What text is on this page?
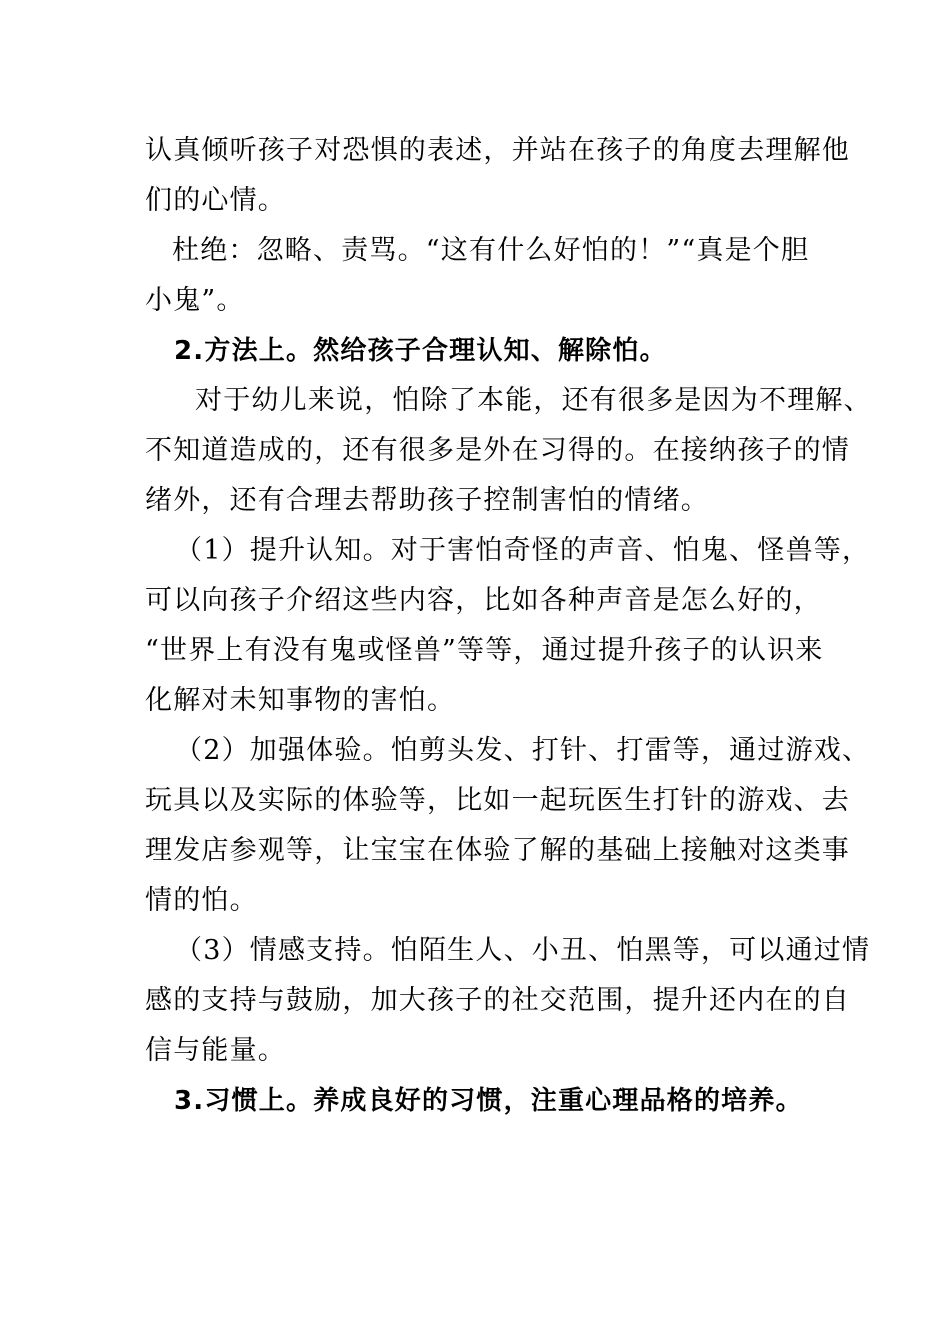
认真倾听孩子对恐惧的表述，并站在孩子的角度去理解他
们的心情。
杜绝：忽略、责骂。“这有什么好怕的！”“真是个胆
小鬼”。
2.方法上。然给孩子合理认知、解除怕。
对于幼儿来说，怕除了本能，还有很多是因为不理解、
不知道造成的，还有很多是外在习得的。在接纳孩子的情
绪外，还有合理去帮助孩子控制害怕的情绪。
（1）提升认知。对于害怕奇怪的声音、怕鬼、怪兽等，
可以向孩子介绍这些内容，比如各种声音是怎么好的，
“世界上有没有鬼或怪兽”等等，通过提升孩子的认识来
化解对未知事物的害怕。
（2）加强体验。怕剪头发、打针、打雷等，通过游戏、
玩具以及实际的体验等，比如一起玩医生打针的游戏、去
理发店参观等，让宝宝在体验了解的基础上接触对这类事
情的怕。
（3）情感支持。怕陌生人、小丑、怕黑等，可以通过情
感的支持与鼓励，加大孩子的社交范围，提升还内在的自
信与能量。
3.习惯上。养成良好的习惯，注重心理品格的培养。
